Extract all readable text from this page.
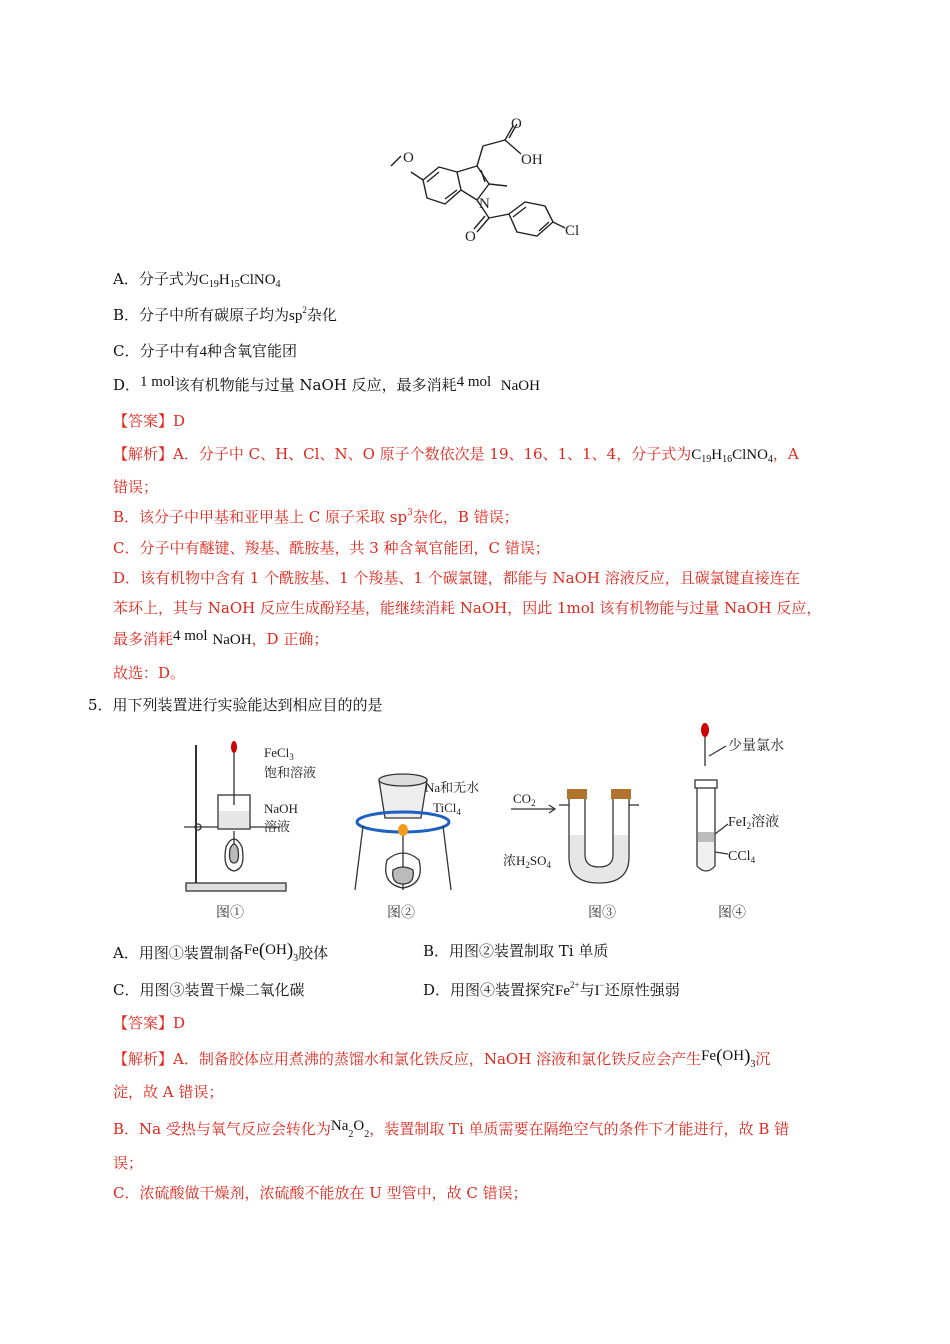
O
O
OH
N
O	Cl
A．分子式为$C_{19}H_{15}ClNO_4$
B．分子中所有碳原子均为$sp^2$杂化
C．分子中有4种含氧官能团
D．1 mol该有机物能与过量 NaOH 反应，最多消耗4 mol NaOH
【答案】D
【解析】A．分子中 C、H、Cl、N、O 原子个数依次是 19、16、1、1、4，分子式为$C_{19}H_{16}ClNO_4$，A
错误；
B．该分子中甲基和亚甲基上 C 原子采取 $sp^3$杂化，B 错误；
C．分子中有醚键、羧基、酰胺基，共 3 种含氧官能团，C 错误；
D．该有机物中含有 1 个酰胺基、1 个羧基、1 个碳氯键，都能与 NaOH 溶液反应，且碳氯键直接连在
苯环上，其与 NaOH 反应生成酚羟基，能继续消耗 NaOH，因此 1mol 该有机物能与过量 NaOH 反应，
最多消耗4 mol NaOH，D 正确；
故选：D。
5．用下列装置进行实验能达到相应目的的是
FeCl$_3$
饱和溶液
NaOH
溶液
图①
Na和无水
TiCl$_4$
图②
$CO_2$
浓$H_2SO_4$
图③
少量氯水
FeI$_2$溶液
CCl$_4$
图④
A．用图①装置制备$Fe(OH)_3$胶体	B．用图②装置制取 Ti 单质
C．用图③装置干燥二氧化碳	D．用图④装置探究$Fe^{2+}$与I−还原性强弱
【答案】D
【解析】A．制备胶体应用煮沸的蒸馏水和氯化铁反应，NaOH 溶液和氯化铁反应会产生$Fe(OH)_3$沉
淀，故 A 错误；
B．Na 受热与氧气反应会转化为$Na_2O_2$，装置制取 Ti 单质需要在隔绝空气的条件下才能进行，故 B 错
误；
C．浓硫酸做干燥剂，浓硫酸不能放在 U 型管中，故 C 错误；
